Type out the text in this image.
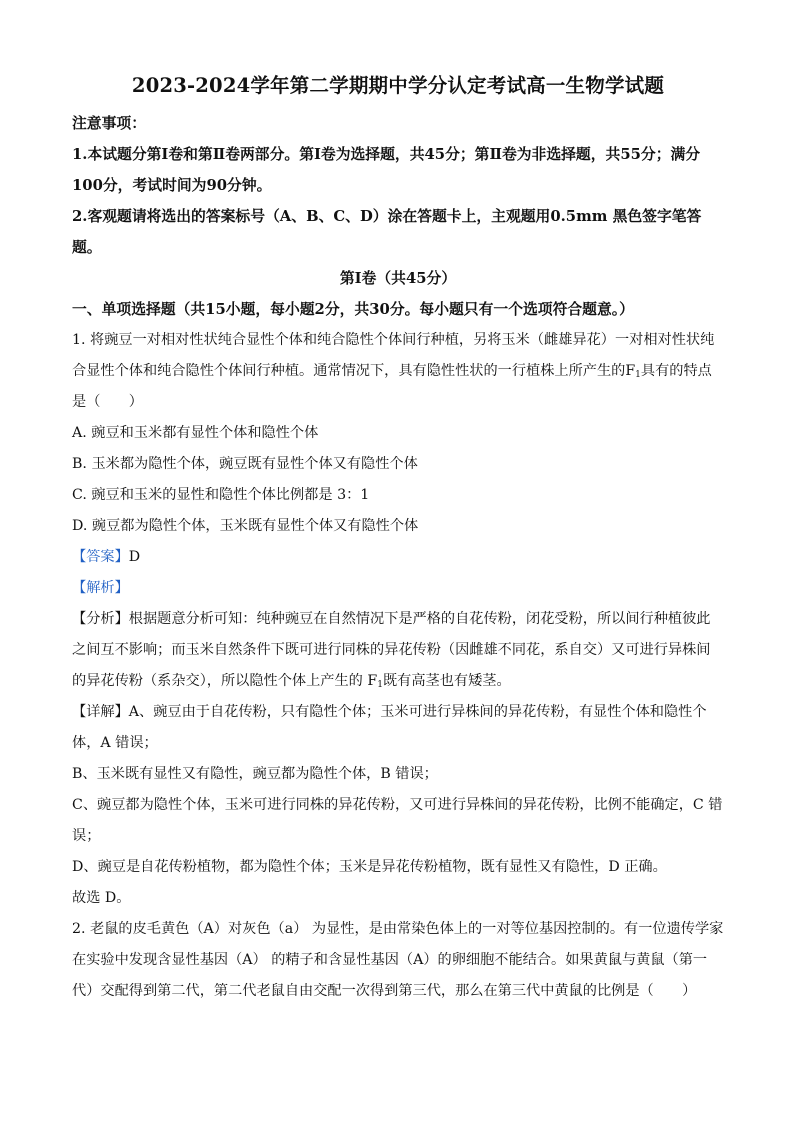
2023-2024学年第二学期期中学分认定考试高一生物学试题
注意事项：
1.本试题分第Ⅰ卷和第Ⅱ卷两部分。第Ⅰ卷为选择题，共45分；第Ⅱ卷为非选择题，共55分；满分100分，考试时间为90分钟。
2.客观题请将选出的答案标号（A、B、C、D）涂在答题卡上，主观题用0.5mm 黑色签字笔答题。
第Ⅰ卷（共45分）
一、单项选择题（共15小题，每小题2分，共30分。每小题只有一个选项符合题意。）
1. 将豌豆一对相对性状纯合显性个体和纯合隐性个体间行种植，另将玉米（雌雄异花）一对相对性状纯合显性个体和纯合隐性个体间行种植。通常情况下，具有隐性性状的一行植株上所产生的$F_1$具有的特点是（　　）
A. 豌豆和玉米都有显性个体和隐性个体
B. 玉米都为隐性个体，豌豆既有显性个体又有隐性个体
C. 豌豆和玉米的显性和隐性个体比例都是 3：1
D. 豌豆都为隐性个体，玉米既有显性个体又有隐性个体
【答案】D
【解析】
【分析】根据题意分析可知：纯种豌豆在自然情况下是严格的自花传粉，闭花受粉，所以间行种植彼此之间互不影响；而玉米自然条件下既可进行同株的异花传粉（因雌雄不同花，系自交）又可进行异株间的异花传粉（系杂交），所以隐性个体上产生的 $F_1$既有高茎也有矮茎。
【详解】A、豌豆由于自花传粉，只有隐性个体；玉米可进行异株间的异花传粉，有显性个体和隐性个体，A 错误；
B、玉米既有显性又有隐性，豌豆都为隐性个体，B 错误；
C、豌豆都为隐性个体，玉米可进行同株的异花传粉，又可进行异株间的异花传粉，比例不能确定，C 错误；
D、豌豆是自花传粉植物，都为隐性个体；玉米是异花传粉植物，既有显性又有隐性，D 正确。
故选 D。
2. 老鼠的皮毛黄色（A）对灰色（a） 为显性，是由常染色体上的一对等位基因控制的。有一位遗传学家在实验中发现含显性基因（A） 的精子和含显性基因（A）的卵细胞不能结合。如果黄鼠与黄鼠（第一代）交配得到第二代，第二代老鼠自由交配一次得到第三代，那么在第三代中黄鼠的比例是（　　）
